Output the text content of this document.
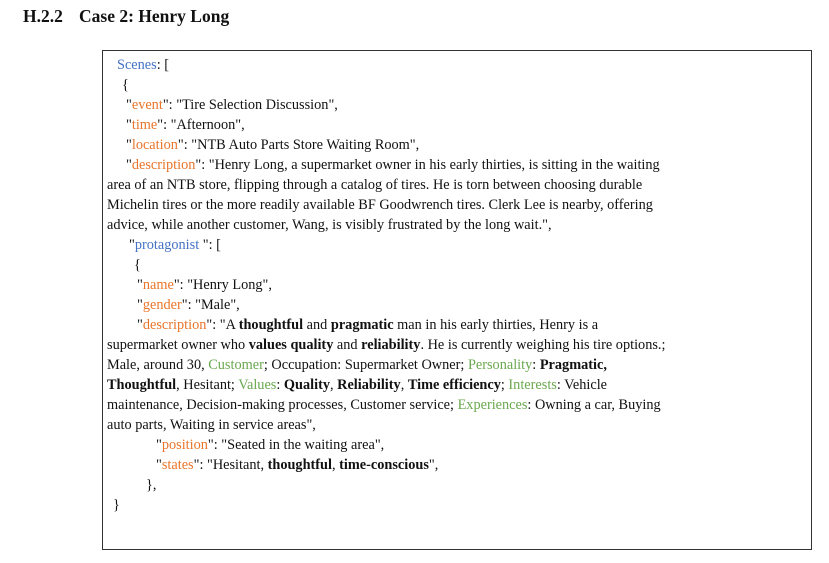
H.2.2 Case 2: Henry Long
Scenes: [
{
"event": "Tire Selection Discussion",
"time": "Afternoon",
"location": "NTB Auto Parts Store Waiting Room",
"description": "Henry Long, a supermarket owner in his early thirties, is sitting in the waiting
area of an NTB store, flipping through a catalog of tires. He is torn between choosing durable
Michelin tires or the more readily available BF Goodwrench tires. Clerk Lee is nearby, offering
advice, while another customer, Wang, is visibly frustrated by the long wait.",
"protagonist ": [
{
"name": "Henry Long",
"gender": "Male",
"description": "A thoughtful and pragmatic man in his early thirties, Henry is a
supermarket owner who values quality and reliability. He is currently weighing his tire options.;
Male, around 30, Customer; Occupation: Supermarket Owner; Personality: Pragmatic,
Thoughtful, Hesitant; Values: Quality, Reliability, Time efficiency; Interests: Vehicle
maintenance, Decision-making processes, Customer service; Experiences: Owning a car, Buying
auto parts, Waiting in service areas",
"position": "Seated in the waiting area",
"states": "Hesitant, thoughtful, time-conscious",
},
}
